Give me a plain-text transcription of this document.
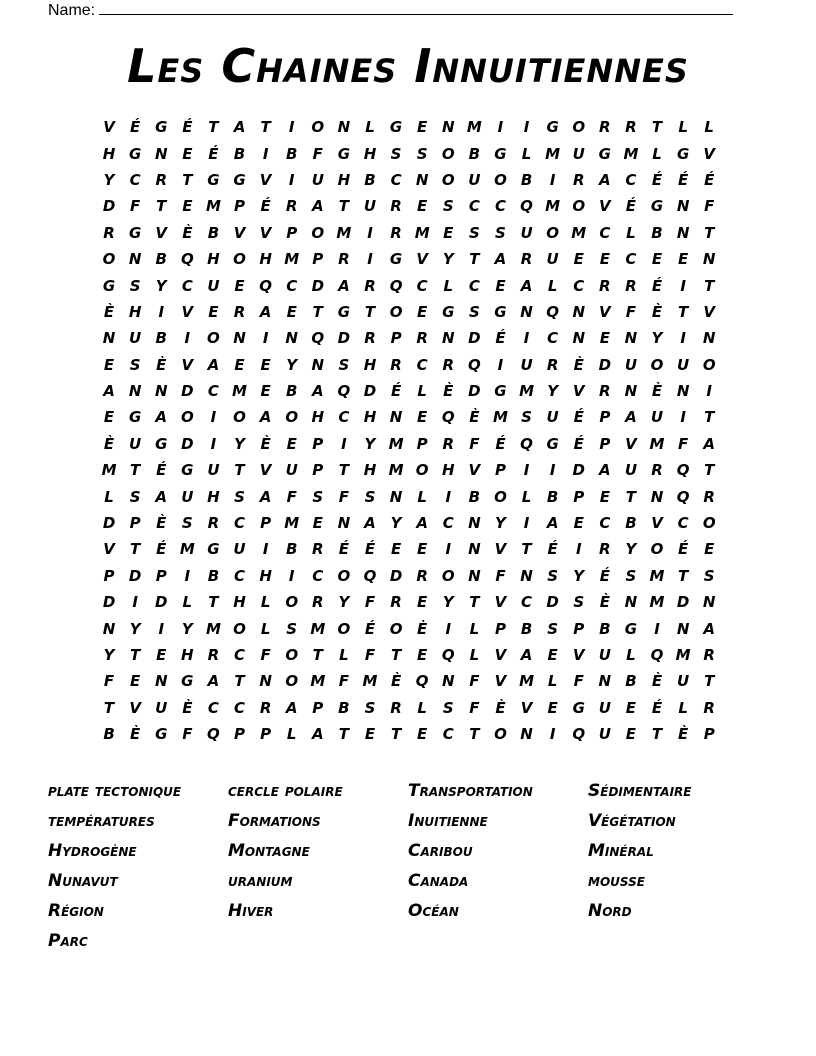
Name:
Les Chaines Innuitiennes
V	É G É	T	A	T	I	O N	L	G E N M	I	I	G O R R	T	L	L
H G N E	É	B	I	B	F G H S	S O B G	L M U G M L	G V
Y	C R	T G G V	I	U H B C N O U O B	I	R A C	É	É	É
D F	T	E M P	É	R A	T U R	E	S	C	C Q M O V	É G N F
R G V	È	B V V P O M	I	R M E	S	S U O M C	L	B N T
O N B Q H O H M P R	I	G V Y	T	A R U E	E	C	E	E N
G S	Y	C U E Q C D A R Q C	L	C	E	A	L	C R R	É	I	T
È H	I	V	E	R A	E	T G T O E G S G N Q N V	F	È	T	V
N U B	I	O N	I	N Q D R P R N D É	I	C N E N Y	I	N
E	S	È	V A	E	E	Y N S H R C R Q	I	U R	È D U O U O
A N N D C M E	B A Q D É	L	È D G M Y V R N È N	I
E G A O	I	O A O H C H N E Q È M S U É	P A U	I	T
È U G D	I	Y	È	E	P	I	Y M P R	F	É Q G É	P V M F	A
M T	É G U T	V U P	T H M O H V P	I	I	D A U R Q T
L	S A U H S A	F	S	F	S N	L	I	B O L	B P	E	T N Q R
D P	È	S R C	P M E N A Y A C N Y	I	A	E	C B V C O
V	T	É M G U	I	B R	É	É	E	E	I	N V	T	É	I	R Y O É	E
P D P	I	B C H	I	C O Q D R O N F N S	Y	É	S M T	S
D	I	D	L	T H	L O R Y	F	R	E	Y	T	V C D S	È N M D N
N Y	I	Y M O L	S M O É O È	I	L	P B S	P B G	I	N A
Y	T	E H R C	F O T	L	F	T	E Q L	V A	E	V U	L Q M R
F	E N G A	T N O M F M È Q N F	V M L	F N B	È U T
T	V U È	C	C R A P B S R	L	S	F	È	V	E G U E	É	L	R
B	È G F Q P	P	L	A	T	E	T	E	C	T O N	I	Q U E	T	È	P
plate tectonique	cercle polaire	Transportation	Sédimentaire
températures	Formations	Inuitienne	Végétation
Hydrogène	Montagne	Caribou	Minéral
Nunavut	uranium	Canada	mousse
Région	Hiver	Océan	Nord
Parc
